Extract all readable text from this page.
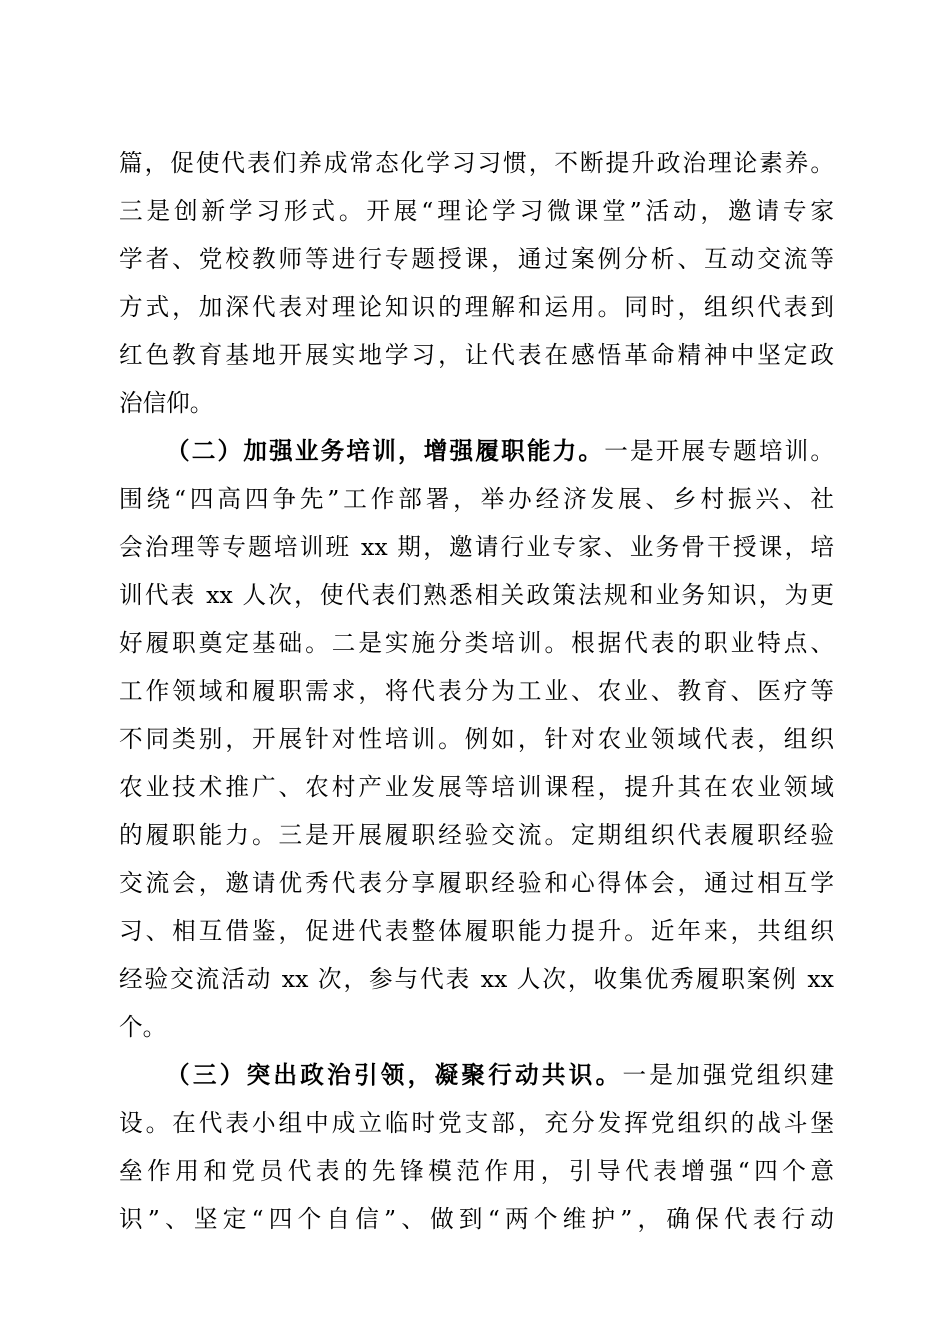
篇，促使代表们养成常态化学习习惯，不断提升政治理论素养。
三是创新学习形式。开展“理论学习微课堂”活动，邀请专家
学者、党校教师等进行专题授课，通过案例分析、互动交流等
方式，加深代表对理论知识的理解和运用。同时，组织代表到
红色教育基地开展实地学习，让代表在感悟革命精神中坚定政
治信仰。
（二）加强业务培训，增强履职能力。一是开展专题培训。
围绕“四高四争先”工作部署，举办经济发展、乡村振兴、社
会治理等专题培训班 xx 期，邀请行业专家、业务骨干授课，培
训代表 xx 人次，使代表们熟悉相关政策法规和业务知识，为更
好履职奠定基础。二是实施分类培训。根据代表的职业特点、
工作领域和履职需求，将代表分为工业、农业、教育、医疗等
不同类别，开展针对性培训。例如，针对农业领域代表，组织
农业技术推广、农村产业发展等培训课程，提升其在农业领域
的履职能力。三是开展履职经验交流。定期组织代表履职经验
交流会，邀请优秀代表分享履职经验和心得体会，通过相互学
习、相互借鉴，促进代表整体履职能力提升。近年来，共组织
经验交流活动 xx 次，参与代表 xx 人次，收集优秀履职案例 xx
个。
（三）突出政治引领，凝聚行动共识。一是加强党组织建
设。在代表小组中成立临时党支部，充分发挥党组织的战斗堡
垒作用和党员代表的先锋模范作用，引导代表增强“四个意
识”、坚定“四个自信”、做到“两个维护”，确保代表行动
